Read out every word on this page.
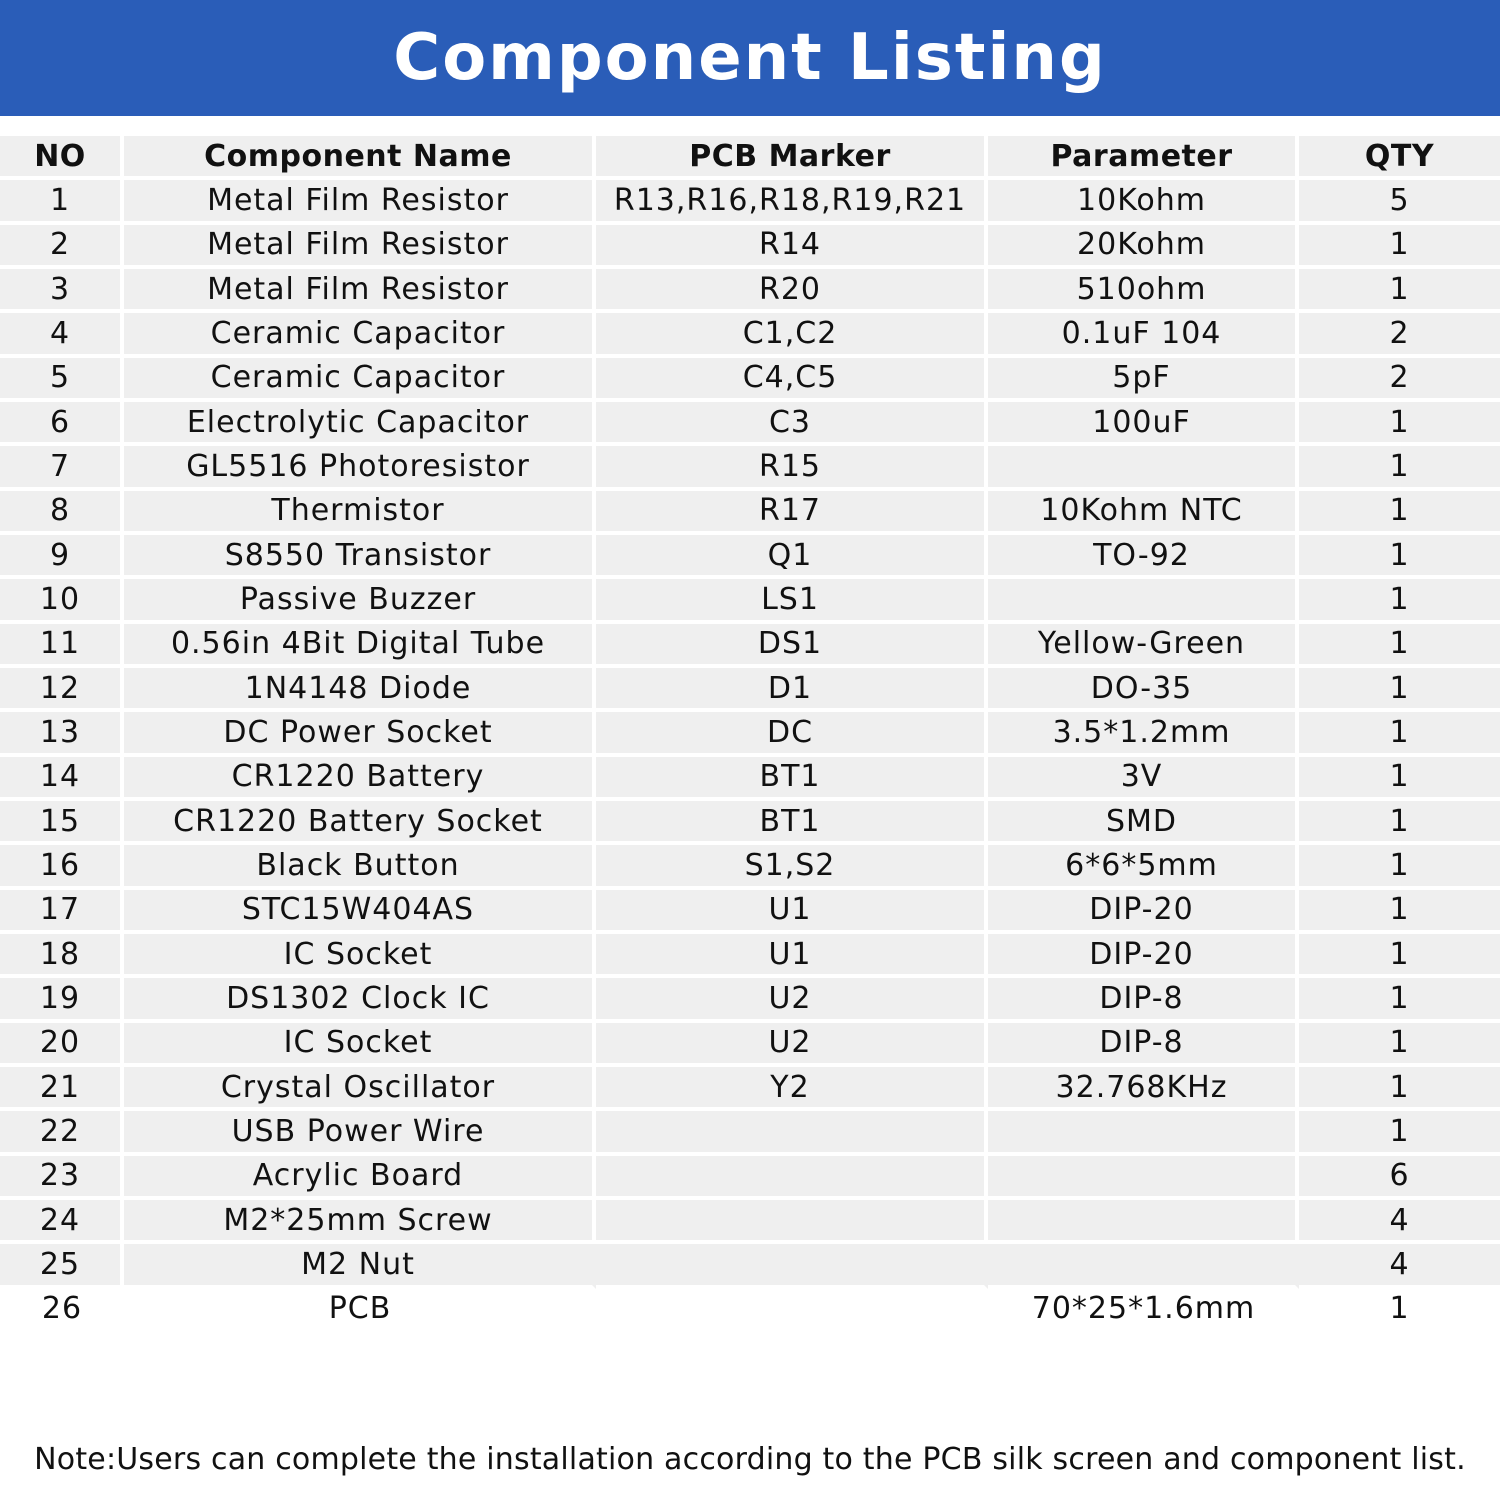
Component Listing
NO	Component Name	PCB Marker	Parameter	QTY
1	Metal Film Resistor	R13,R16,R18,R19,R21	10Kohm	5
2	Metal Film Resistor	R14	20Kohm	1
3	Metal Film Resistor	R20	510ohm	1
4	Ceramic Capacitor	C1,C2	0.1uF 104	2
5	Ceramic Capacitor	C4,C5	5pF	2
6	Electrolytic Capacitor	C3	100uF	1
7	GL5516 Photoresistor	R15		1
8	Thermistor	R17	10Kohm NTC	1
9	S8550 Transistor	Q1	TO-92	1
10	Passive Buzzer	LS1		1
11	0.56in 4Bit Digital Tube	DS1	Yellow-Green	1
12	1N4148 Diode	D1	DO-35	1
13	DC Power Socket	DC	3.5*1.2mm	1
14	CR1220 Battery	BT1	3V	1
15	CR1220 Battery Socket	BT1	SMD	1
16	Black Button	S1,S2	6*6*5mm	1
17	STC15W404AS	U1	DIP-20	1
18	IC Socket	U1	DIP-20	1
19	DS1302 Clock IC	U2	DIP-8	1
20	IC Socket	U2	DIP-8	1
21	Crystal Oscillator	Y2	32.768KHz	1
22	USB Power Wire			1
23	Acrylic Board			6
24	M2*25mm Screw			4
25	M2 Nut			4
26	PCB		70*25*1.6mm	1
Note:Users can complete the installation according to the PCB silk screen and component list.
